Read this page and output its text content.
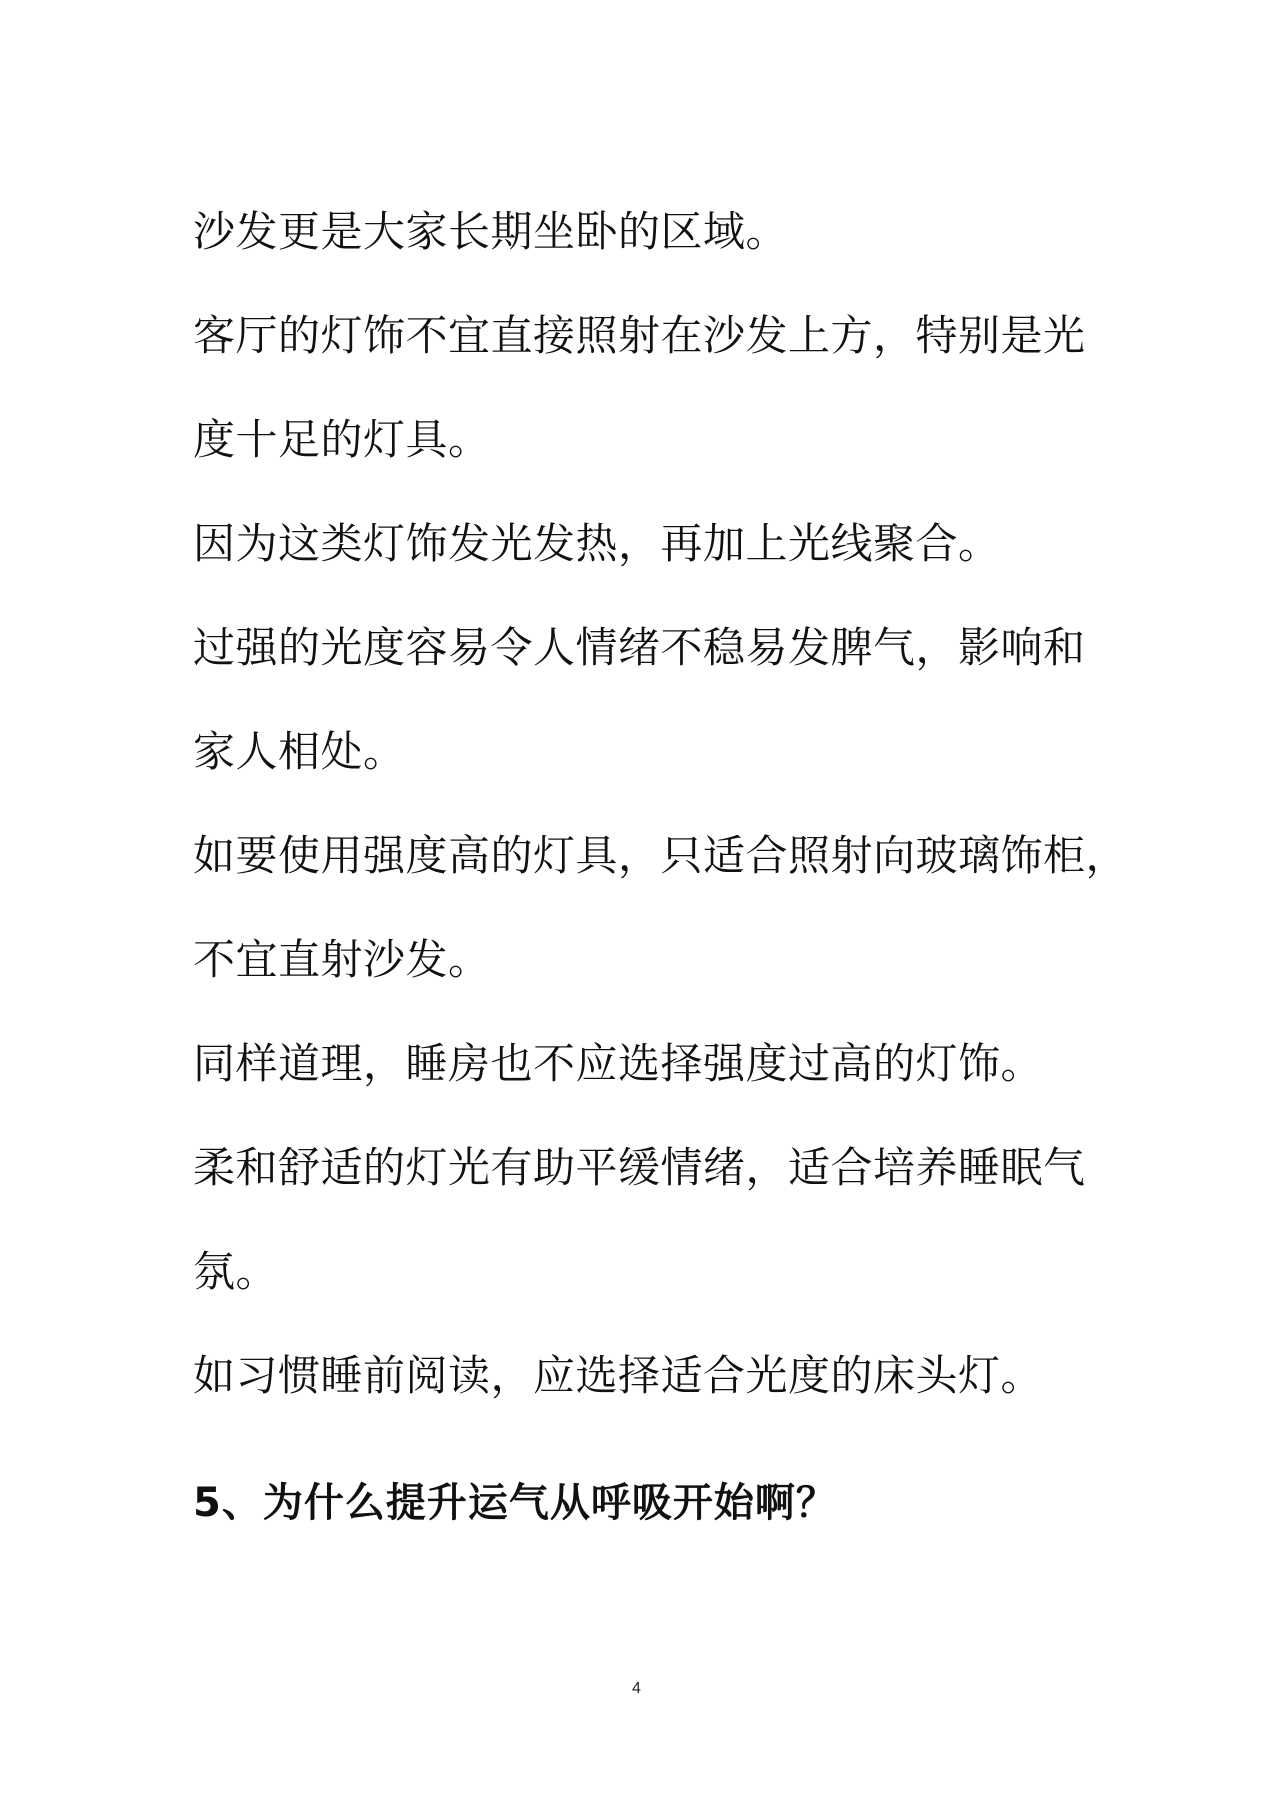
沙发更是大家长期坐卧的区域。
客厅的灯饰不宜直接照射在沙发上方，特别是光
度十足的灯具。
因为这类灯饰发光发热，再加上光线聚合。
过强的光度容易令人情绪不稳易发脾气，影响和
家人相处。
如要使用强度高的灯具，只适合照射向玻璃饰柜，
不宜直射沙发。
同样道理，睡房也不应选择强度过高的灯饰。
柔和舒适的灯光有助平缓情绪，适合培养睡眠气
氛。
如习惯睡前阅读，应选择适合光度的床头灯。
5、为什么提升运气从呼吸开始啊？
4
